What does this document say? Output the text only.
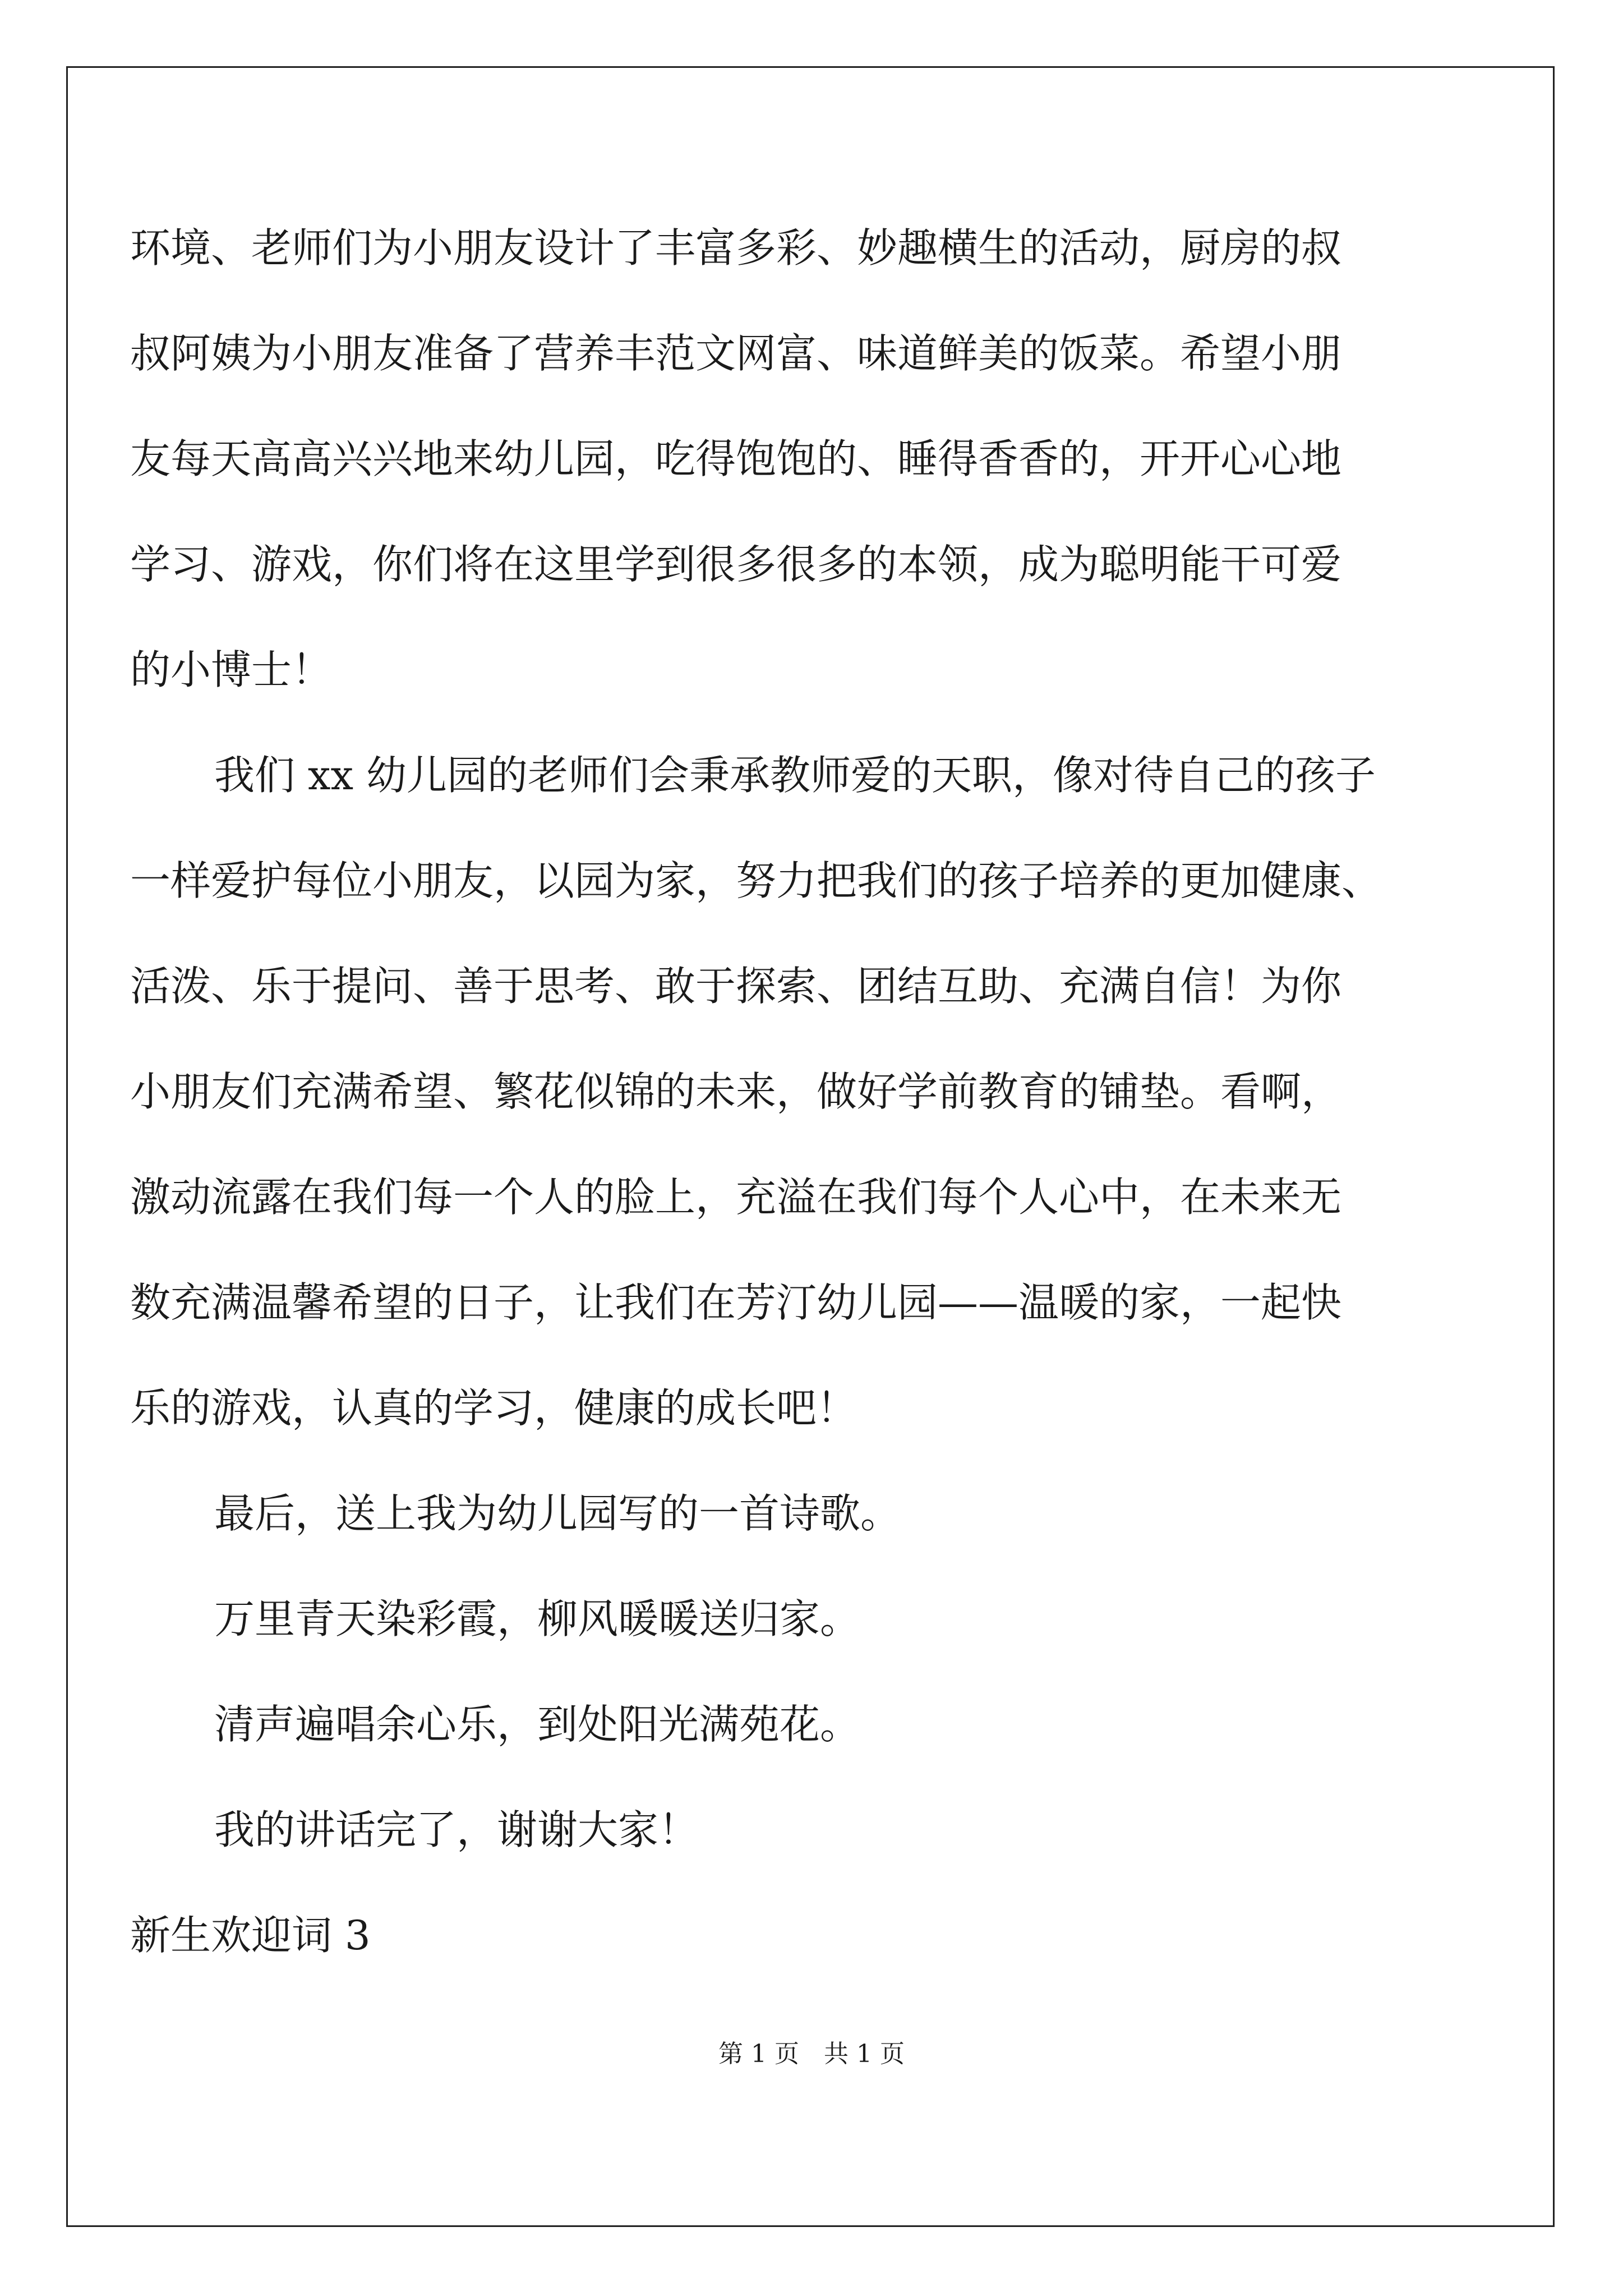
环境、老师们为小朋友设计了丰富多彩、妙趣横生的活动，厨房的叔

叔阿姨为小朋友准备了营养丰范文网富、味道鲜美的饭菜。希望小朋

友每天高高兴兴地来幼儿园，吃得饱饱的、睡得香香的，开开心心地

学习、游戏，你们将在这里学到很多很多的本领，成为聪明能干可爱

的小博士！

我们 xx 幼儿园的老师们会秉承教师爱的天职，像对待自己的孩子

一样爱护每位小朋友，以园为家，努力把我们的孩子培养的更加健康、

活泼、乐于提问、善于思考、敢于探索、团结互助、充满自信！为你

小朋友们充满希望、繁花似锦的未来，做好学前教育的铺垫。看啊，

激动流露在我们每一个人的脸上，充溢在我们每个人心中，在未来无

数充满温馨希望的日子，让我们在芳汀幼儿园——温暖的家，一起快

乐的游戏，认真的学习，健康的成长吧！

最后，送上我为幼儿园写的一首诗歌。

万里青天染彩霞，柳风暖暖送归家。

清声遍唱余心乐，到处阳光满苑花。

我的讲话完了，谢谢大家！

新生欢迎词 3

第 1 页　共 1 页
